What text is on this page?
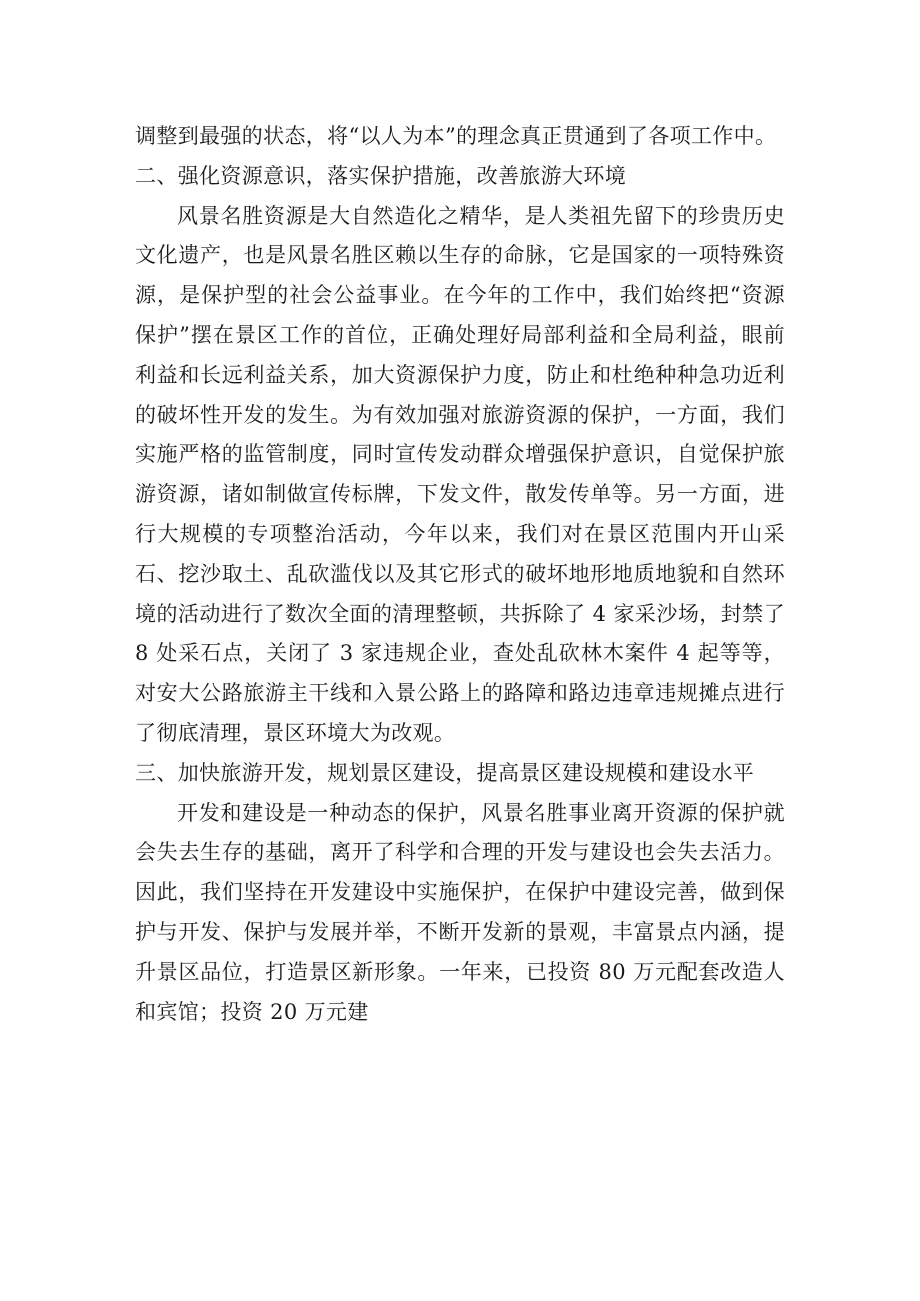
调整到最强的状态，将“以人为本”的理念真正贯通到了各项工作中。

二、强化资源意识，落实保护措施，改善旅游大环境

风景名胜资源是大自然造化之精华，是人类祖先留下的珍贵历史文化遗产，也是风景名胜区赖以生存的命脉，它是国家的一项特殊资源，是保护型的社会公益事业。在今年的工作中，我们始终把“资源保护”摆在景区工作的首位，正确处理好局部利益和全局利益，眼前利益和长远利益关系，加大资源保护力度，防止和杜绝种种急功近利的破坏性开发的发生。为有效加强对旅游资源的保护，一方面，我们实施严格的监管制度，同时宣传发动群众增强保护意识，自觉保护旅游资源，诸如制做宣传标牌，下发文件，散发传单等。另一方面，进行大规模的专项整治活动，今年以来，我们对在景区范围内开山采石、挖沙取土、乱砍滥伐以及其它形式的破坏地形地质地貌和自然环境的活动进行了数次全面的清理整顿，共拆除了 4 家采沙场，封禁了 8 处采石点，关闭了 3 家违规企业，查处乱砍林木案件 4 起等等，对安大公路旅游主干线和入景公路上的路障和路边违章违规摊点进行了彻底清理，景区环境大为改观。

三、加快旅游开发，规划景区建设，提高景区建设规模和建设水平

开发和建设是一种动态的保护，风景名胜事业离开资源的保护就会失去生存的基础，离开了科学和合理的开发与建设也会失去活力。因此，我们坚持在开发建设中实施保护，在保护中建设完善，做到保护与开发、保护与发展并举，不断开发新的景观，丰富景点内涵，提升景区品位，打造景区新形象。一年来，已投资 80 万元配套改造人和宾馆；投资 20 万元建
